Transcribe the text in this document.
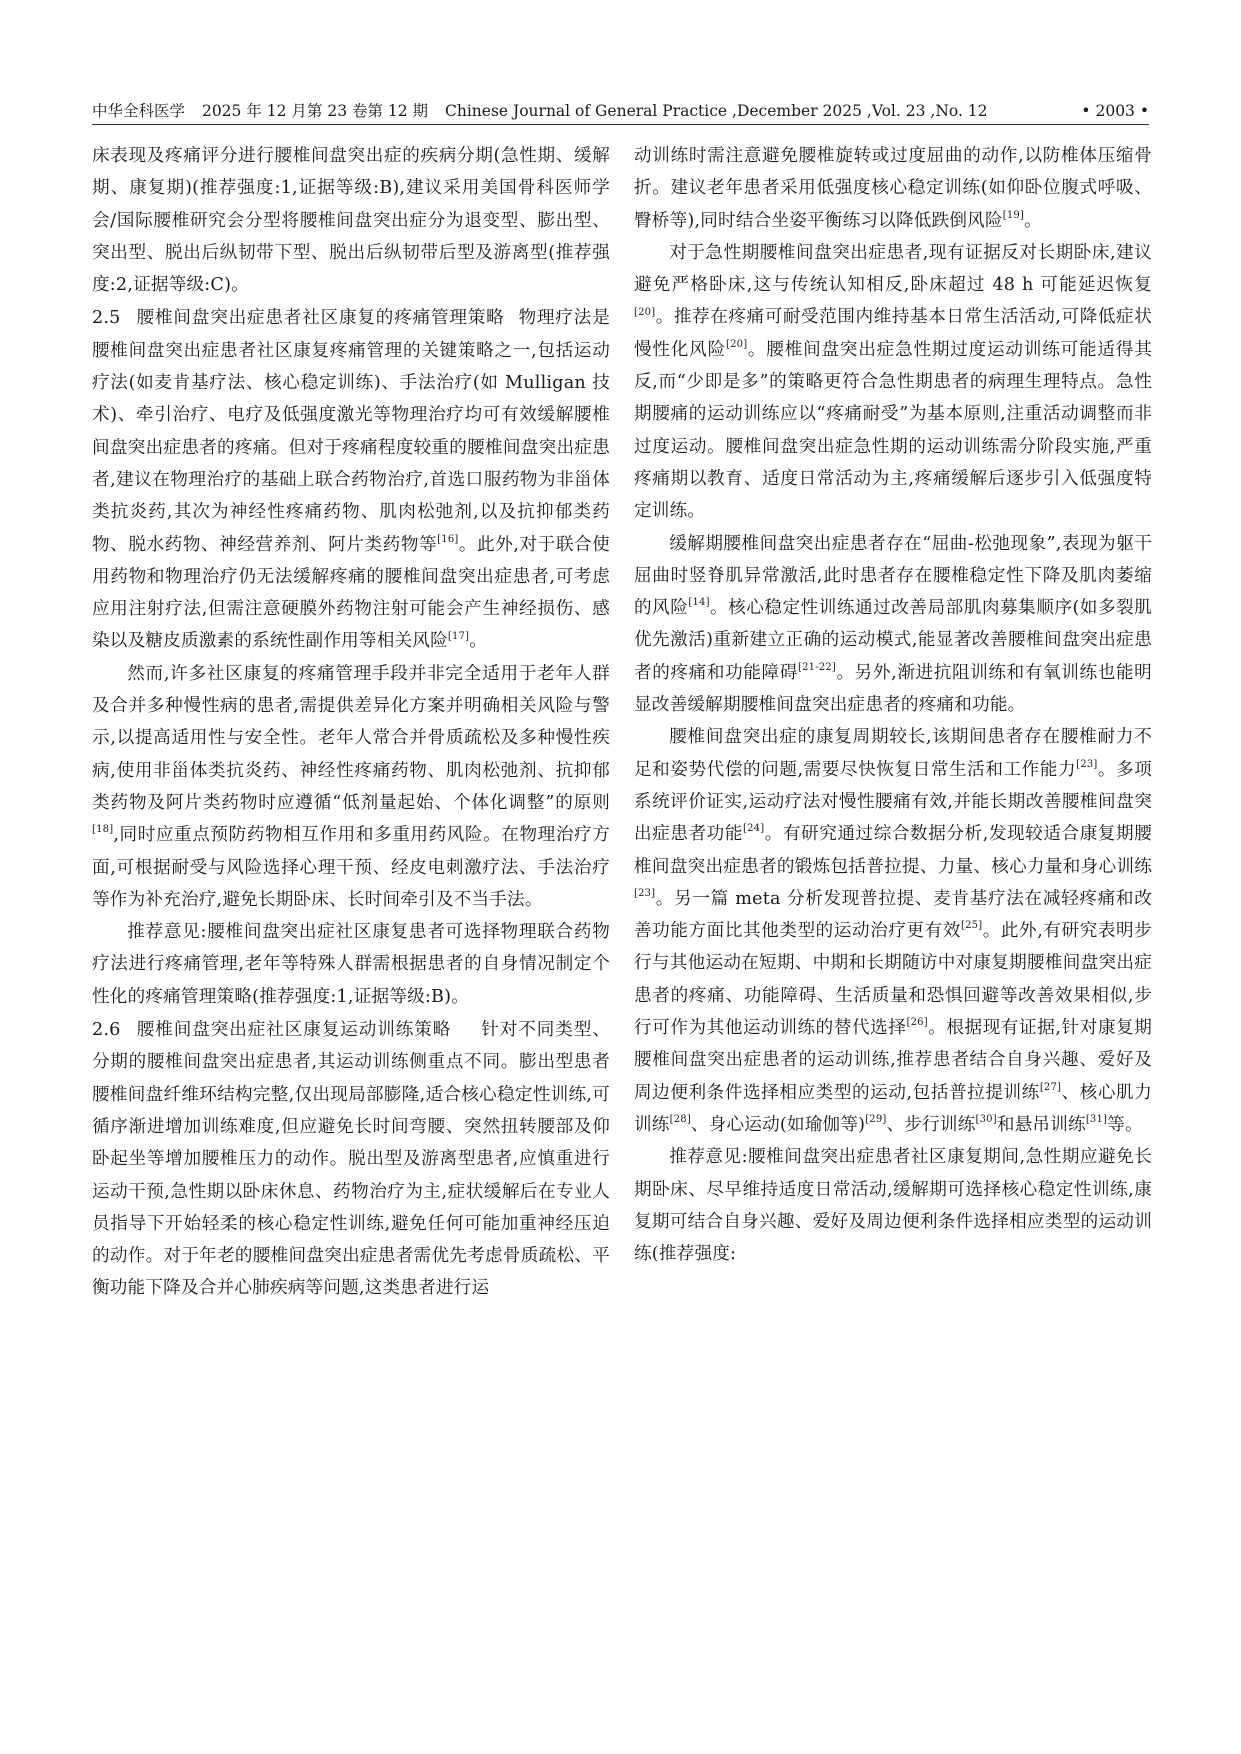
中华全科医学 2025 年 12 月第 23 卷第 12 期 Chinese Journal of General Practice ,December 2025 ,Vol. 23 ,No. 12	• 2003 •

床表现及疼痛评分进行腰椎间盘突出症的疾病分期(急性期、缓解期、康复期)(推荐强度:1,证据等级:B),建议采用美国骨科医师学会/国际腰椎研究会分型将腰椎间盘突出症分为退变型、膨出型、突出型、脱出后纵韧带下型、脱出后纵韧带后型及游离型(推荐强度:2,证据等级:C)。

2.5 腰椎间盘突出症患者社区康复的疼痛管理策略 物理疗法是腰椎间盘突出症患者社区康复疼痛管理的关键策略之一,包括运动疗法(如麦肯基疗法、核心稳定训练)、手法治疗(如 Mulligan 技术)、牵引治疗、电疗及低强度激光等物理治疗均可有效缓解腰椎间盘突出症患者的疼痛。但对于疼痛程度较重的腰椎间盘突出症患者,建议在物理治疗的基础上联合药物治疗,首选口服药物为非甾体类抗炎药,其次为神经性疼痛药物、肌肉松弛剂,以及抗抑郁类药物、脱水药物、神经营养剂、阿片类药物等[16]。此外,对于联合使用药物和物理治疗仍无法缓解疼痛的腰椎间盘突出症患者,可考虑应用注射疗法,但需注意硬膜外药物注射可能会产生神经损伤、感染以及糖皮质激素的系统性副作用等相关风险[17]。

然而,许多社区康复的疼痛管理手段并非完全适用于老年人群及合并多种慢性病的患者,需提供差异化方案并明确相关风险与警示,以提高适用性与安全性。老年人常合并骨质疏松及多种慢性疾病,使用非甾体类抗炎药、神经性疼痛药物、肌肉松弛剂、抗抑郁类药物及阿片类药物时应遵循“低剂量起始、个体化调整”的原则[18],同时应重点预防药物相互作用和多重用药风险。在物理治疗方面,可根据耐受与风险选择心理干预、经皮电刺激疗法、手法治疗等作为补充治疗,避免长期卧床、长时间牵引及不当手法。

推荐意见:腰椎间盘突出症社区康复患者可选择物理联合药物疗法进行疼痛管理,老年等特殊人群需根据患者的自身情况制定个性化的疼痛管理策略(推荐强度:1,证据等级:B)。

2.6 腰椎间盘突出症社区康复运动训练策略 针对不同类型、分期的腰椎间盘突出症患者,其运动训练侧重点不同。膨出型患者腰椎间盘纤维环结构完整,仅出现局部膨隆,适合核心稳定性训练,可循序渐进增加训练难度,但应避免长时间弯腰、突然扭转腰部及仰卧起坐等增加腰椎压力的动作。脱出型及游离型患者,应慎重进行运动干预,急性期以卧床休息、药物治疗为主,症状缓解后在专业人员指导下开始轻柔的核心稳定性训练,避免任何可能加重神经压迫的动作。对于年老的腰椎间盘突出症患者需优先考虑骨质疏松、平衡功能下降及合并心肺疾病等问题,这类患者进行运

动训练时需注意避免腰椎旋转或过度屈曲的动作,以防椎体压缩骨折。建议老年患者采用低强度核心稳定训练(如仰卧位腹式呼吸、臀桥等),同时结合坐姿平衡练习以降低跌倒风险[19]。

对于急性期腰椎间盘突出症患者,现有证据反对长期卧床,建议避免严格卧床,这与传统认知相反,卧床超过 48 h 可能延迟恢复[20]。推荐在疼痛可耐受范围内维持基本日常生活活动,可降低症状慢性化风险[20]。腰椎间盘突出症急性期过度运动训练可能适得其反,而“少即是多”的策略更符合急性期患者的病理生理特点。急性期腰痛的运动训练应以“疼痛耐受”为基本原则,注重活动调整而非过度运动。腰椎间盘突出症急性期的运动训练需分阶段实施,严重疼痛期以教育、适度日常活动为主,疼痛缓解后逐步引入低强度特定训练。

缓解期腰椎间盘突出症患者存在“屈曲-松弛现象”,表现为躯干屈曲时竖脊肌异常激活,此时患者存在腰椎稳定性下降及肌肉萎缩的风险[14]。核心稳定性训练通过改善局部肌肉募集顺序(如多裂肌优先激活)重新建立正确的运动模式,能显著改善腰椎间盘突出症患者的疼痛和功能障碍[21-22]。另外,渐进抗阻训练和有氧训练也能明显改善缓解期腰椎间盘突出症患者的疼痛和功能。

腰椎间盘突出症的康复周期较长,该期间患者存在腰椎耐力不足和姿势代偿的问题,需要尽快恢复日常生活和工作能力[23]。多项系统评价证实,运动疗法对慢性腰痛有效,并能长期改善腰椎间盘突出症患者功能[24]。有研究通过综合数据分析,发现较适合康复期腰椎间盘突出症患者的锻炼包括普拉提、力量、核心力量和身心训练[23]。另一篇 meta 分析发现普拉提、麦肯基疗法在减轻疼痛和改善功能方面比其他类型的运动治疗更有效[25]。此外,有研究表明步行与其他运动在短期、中期和长期随访中对康复期腰椎间盘突出症患者的疼痛、功能障碍、生活质量和恐惧回避等改善效果相似,步行可作为其他运动训练的替代选择[26]。根据现有证据,针对康复期腰椎间盘突出症患者的运动训练,推荐患者结合自身兴趣、爱好及周边便利条件选择相应类型的运动,包括普拉提训练[27]、核心肌力训练[28]、身心运动(如瑜伽等)[29]、步行训练[30]和悬吊训练[31]等。

推荐意见:腰椎间盘突出症患者社区康复期间,急性期应避免长期卧床、尽早维持适度日常活动,缓解期可选择核心稳定性训练,康复期可结合自身兴趣、爱好及周边便利条件选择相应类型的运动训练(推荐强度:
